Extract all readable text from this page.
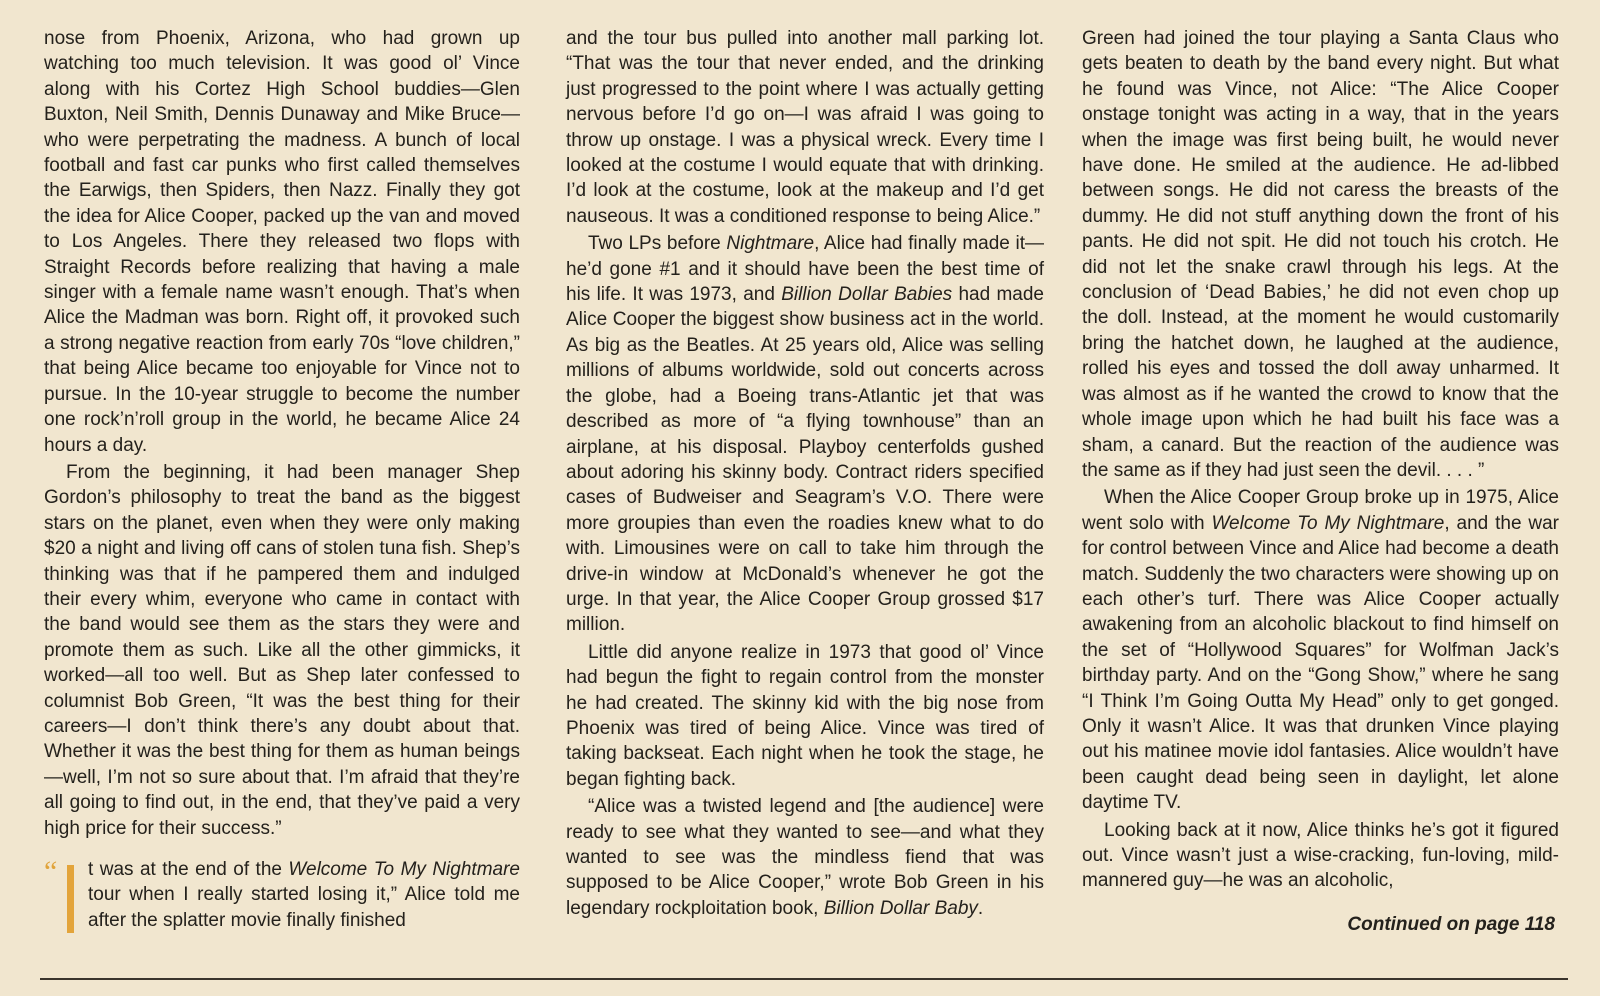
nose from Phoenix, Arizona, who had grown up watching too much television. It was good ol’ Vince along with his Cortez High School buddies—Glen Buxton, Neil Smith, Dennis Dunaway and Mike Bruce—who were perpetrating the madness. A bunch of local football and fast car punks who first called themselves the Earwigs, then Spiders, then Nazz. Finally they got the idea for Alice Cooper, packed up the van and moved to Los Angeles. There they released two flops with Straight Records before realizing that having a male singer with a female name wasn’t enough. That’s when Alice the Madman was born. Right off, it provoked such a strong negative reaction from early 70s “love children,” that being Alice became too enjoyable for Vince not to pursue. In the 10-year struggle to become the number one rock’n’roll group in the world, he became Alice 24 hours a day.

From the beginning, it had been manager Shep Gordon’s philosophy to treat the band as the biggest stars on the planet, even when they were only making $20 a night and living off cans of stolen tuna fish. Shep’s thinking was that if he pampered them and indulged their every whim, everyone who came in contact with the band would see them as the stars they were and promote them as such. Like all the other gimmicks, it worked—all too well. But as Shep later confessed to columnist Bob Green, “It was the best thing for their careers—I don’t think there’s any doubt about that. Whether it was the best thing for them as human beings—well, I’m not so sure about that. I’m afraid that they’re all going to find out, in the end, that they’ve paid a very high price for their success.”

“ t was at the end of the Welcome To My Nightmare tour when I really started losing it,” Alice told me after the splatter movie finally finished

and the tour bus pulled into another mall parking lot. “That was the tour that never ended, and the drinking just progressed to the point where I was actually getting nervous before I’d go on—I was afraid I was going to throw up onstage. I was a physical wreck. Every time I looked at the costume I would equate that with drinking. I’d look at the costume, look at the makeup and I’d get nauseous. It was a conditioned response to being Alice.”

Two LPs before Nightmare, Alice had finally made it—he’d gone #1 and it should have been the best time of his life. It was 1973, and Billion Dollar Babies had made Alice Cooper the biggest show business act in the world. As big as the Beatles. At 25 years old, Alice was selling millions of albums worldwide, sold out concerts across the globe, had a Boeing trans-Atlantic jet that was described as more of “a flying townhouse” than an airplane, at his disposal. Playboy centerfolds gushed about adoring his skinny body. Contract riders specified cases of Budweiser and Seagram’s V.O. There were more groupies than even the roadies knew what to do with. Limousines were on call to take him through the drive-in window at McDonald’s whenever he got the urge. In that year, the Alice Cooper Group grossed $17 million.

Little did anyone realize in 1973 that good ol’ Vince had begun the fight to regain control from the monster he had created. The skinny kid with the big nose from Phoenix was tired of being Alice. Vince was tired of taking backseat. Each night when he took the stage, he began fighting back.

“Alice was a twisted legend and [the audience] were ready to see what they wanted to see—and what they wanted to see was the mindless fiend that was supposed to be Alice Cooper,” wrote Bob Green in his legendary rockploitation book, Billion Dollar Baby.

Green had joined the tour playing a Santa Claus who gets beaten to death by the band every night. But what he found was Vince, not Alice: “The Alice Cooper onstage tonight was acting in a way, that in the years when the image was first being built, he would never have done. He smiled at the audience. He ad-libbed between songs. He did not caress the breasts of the dummy. He did not stuff anything down the front of his pants. He did not spit. He did not touch his crotch. He did not let the snake crawl through his legs. At the conclusion of ‘Dead Babies,’ he did not even chop up the doll. Instead, at the moment he would customarily bring the hatchet down, he laughed at the audience, rolled his eyes and tossed the doll away unharmed. It was almost as if he wanted the crowd to know that the whole image upon which he had built his face was a sham, a canard. But the reaction of the audience was the same as if they had just seen the devil. . . . ”

When the Alice Cooper Group broke up in 1975, Alice went solo with Welcome To My Nightmare, and the war for control between Vince and Alice had become a death match. Suddenly the two characters were showing up on each other’s turf. There was Alice Cooper actually awakening from an alcoholic blackout to find himself on the set of “Hollywood Squares” for Wolfman Jack’s birthday party. And on the “Gong Show,” where he sang “I Think I’m Going Outta My Head” only to get gonged. Only it wasn’t Alice. It was that drunken Vince playing out his matinee movie idol fantasies. Alice wouldn’t have been caught dead being seen in daylight, let alone daytime TV.

Looking back at it now, Alice thinks he’s got it figured out. Vince wasn’t just a wise-cracking, fun-loving, mild-mannered guy—he was an alcoholic,

Continued on page 118
